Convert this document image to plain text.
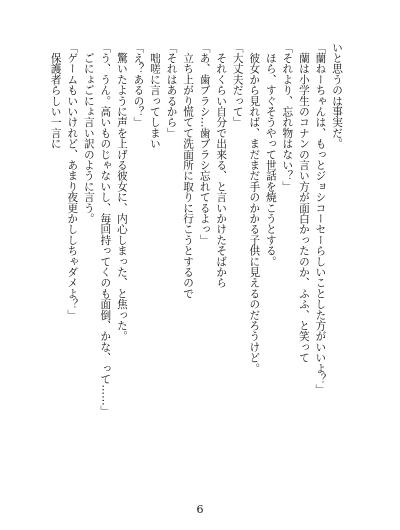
いと思うのは事実だ。
「蘭ねーちゃんは、もっとジョシコーセーらしいことした方がいいよ？」
　蘭は小学生のコナンの言い方が面白かったのか、ふふ、と笑って
「それより、忘れ物はない？」
　ほら、すぐそうやって世話を焼こうとする。
　彼女から見れば、まだまだ手のかかる子供に見えるのだろうけど。
「大丈夫だって」
　それくらい自分で出来る、と言いかけたそばから
「あ、歯ブラシ…歯ブラシ忘れてるよっ」
　立ち上がり慌てて洗面所に取りに行こうとするので
「それはあるから」
　咄嗟に言ってしまい
「え？あるの？」
　驚いたように声を上げる彼女に、内心しまった、と焦った。
「う、うん。高いものじゃないし、毎回持ってくのも面倒、かな、って……」
　ごにょごにょ言い訳のように言う。
「ゲームもいいけれど、あまり夜更かししちゃダメよ？」
　保護者らしい一言に
6
